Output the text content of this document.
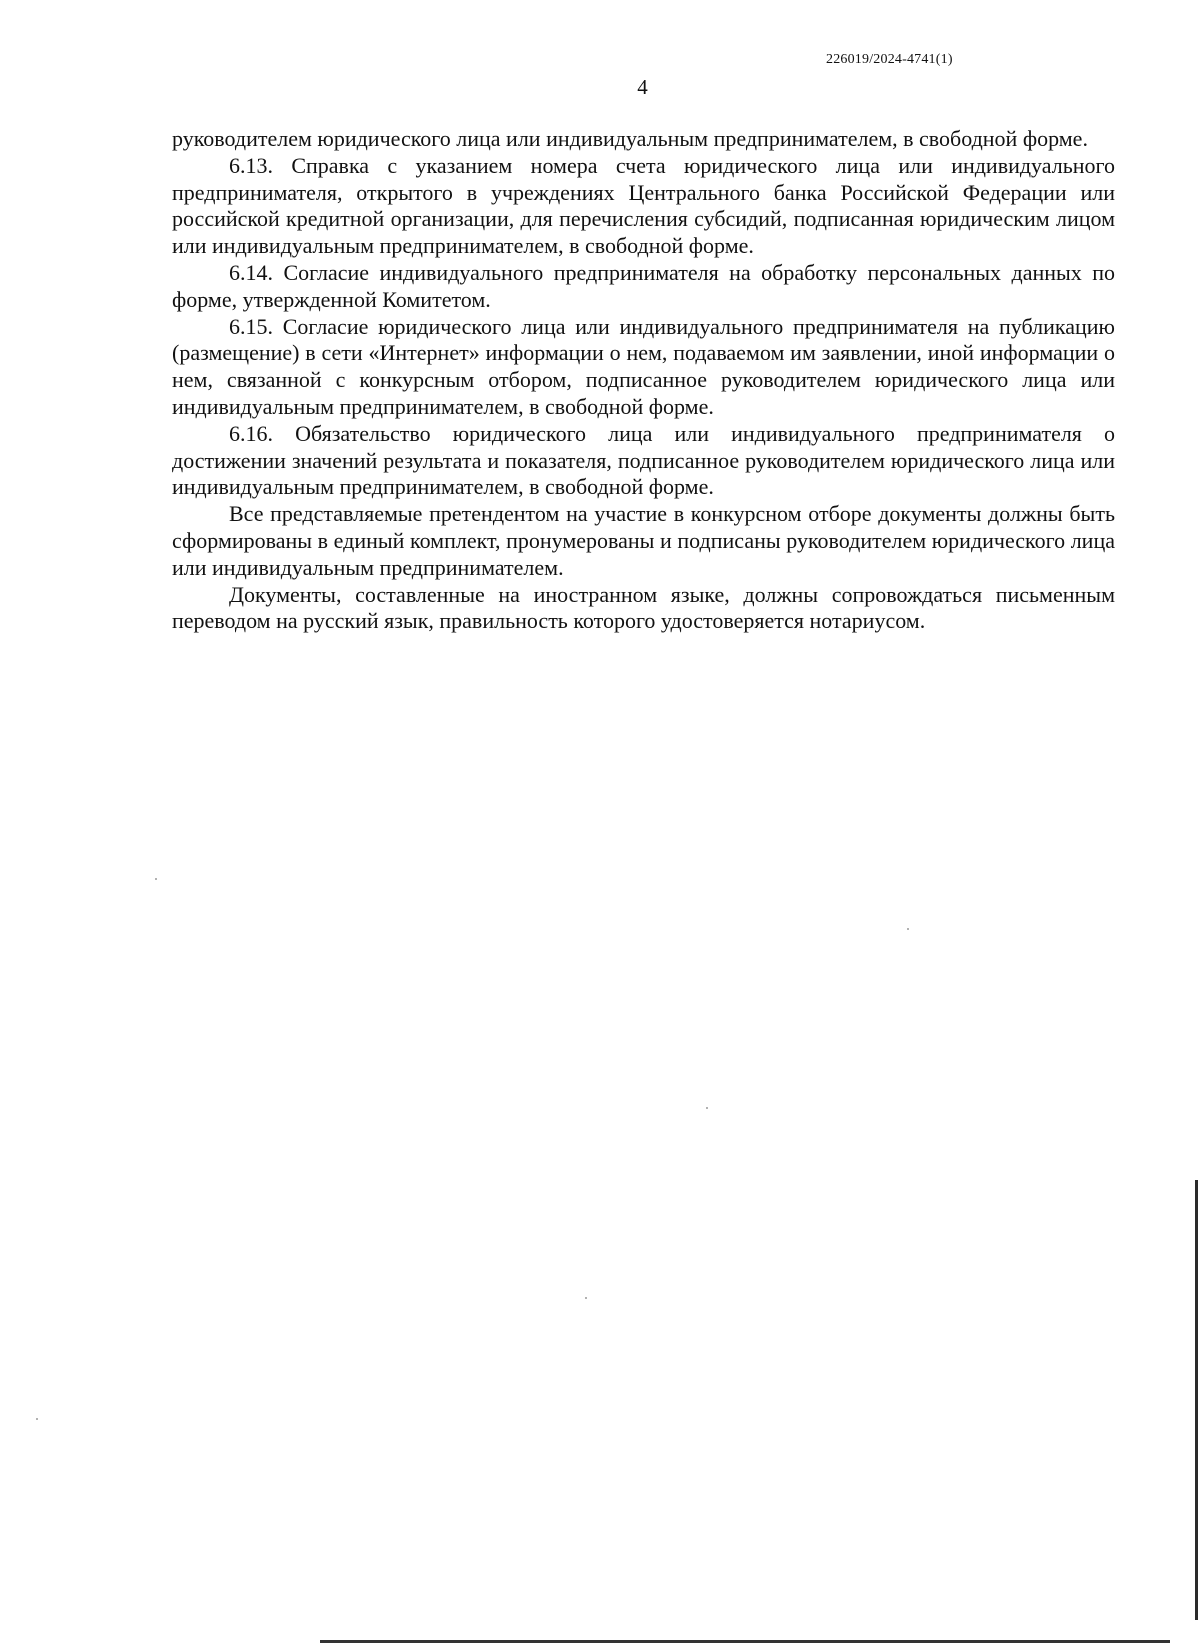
226019/2024-4741(1)
4

руководителем юридического лица или индивидуальным предпринимателем, в свободной форме.

6.13. Справка с указанием номера счета юридического лица или индивидуального предпринимателя, открытого в учреждениях Центрального банка Российской Федерации или российской кредитной организации, для перечисления субсидий, подписанная юридическим лицом или индивидуальным предпринимателем, в свободной форме.

6.14. Согласие индивидуального предпринимателя на обработку персональных данных по форме, утвержденной Комитетом.

6.15. Согласие юридического лица или индивидуального предпринимателя на публикацию (размещение) в сети «Интернет» информации о нем, подаваемом им заявлении, иной информации о нем, связанной с конкурсным отбором, подписанное руководителем юридического лица или индивидуальным предпринимателем, в свободной форме.

6.16. Обязательство юридического лица или индивидуального предпринимателя о достижении значений результата и показателя, подписанное руководителем юридического лица или индивидуальным предпринимателем, в свободной форме.

Все представляемые претендентом на участие в конкурсном отборе документы должны быть сформированы в единый комплект, пронумерованы и подписаны руководителем юридического лица или индивидуальным предпринимателем.

Документы, составленные на иностранном языке, должны сопровождаться письменным переводом на русский язык, правильность которого удостоверяется нотариусом.
